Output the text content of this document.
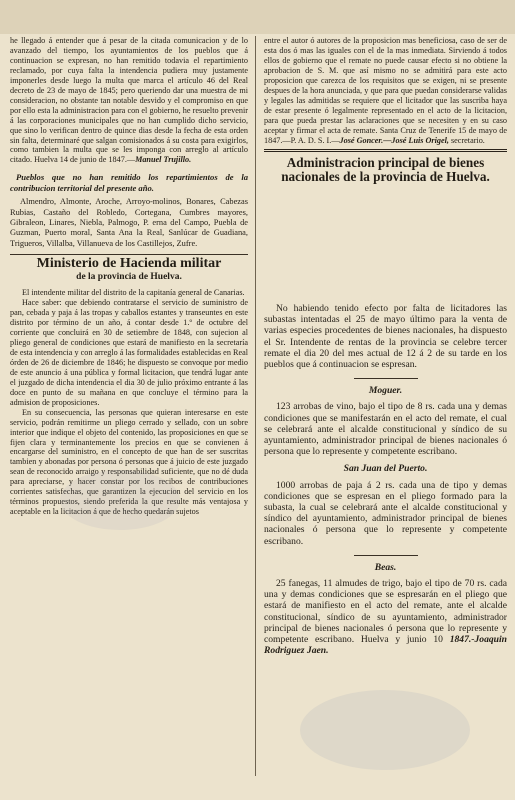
he llegado á entender que á pesar de la citada comunicacion y de lo avanzado del tiempo, los ayuntamientos de los pueblos que á continuacion se expresan, no han remitido todavia el repartimiento reclamado, por cuya falta la intendencia pudiera muy justamente imponerles desde luego la multa que marca el artículo 46 del Real decreto de 23 de mayo de 1845; pero queriendo dar una muestra de mi consideracion, no obstante tan notable desvido y el compromiso en que por ello esta la administracion para con el gobierno, he resuelto prevenir á las corporaciones municipales que no han cumplido dicho servicio, que sino lo verifican dentro de quince dias desde la fecha de esta orden sin falta, determinaré que salgan comisionados á su costa para exigirlos, como tambien la multa que se les imponga con arreglo al artículo citado. Huelva 14 de junio de 1847.—Manuel Trujillo.

Pueblos que no han remitido los repartimientos de la contribucion territorial del presente año.

Almendro, Almonte, Aroche, Arroyo-molinos, Bonares, Cabezas Rubias, Castaño del Robledo, Cortegana, Cumbres mayores, Gibraleon, Linares, Niebla, Palmogo, P. erna del Campo, Puebla de Guzman, Puerto moral, Santa Ana la Real, Sanlúcar de Guadiana, Trigueros, Villalba, Villanueva de los Castillejos, Zufre.

Ministerio de Hacienda militar
de la provincia de Huelva.

El intendente militar del distrito de la capitanía general de Canarias.

Hace saber: que debiendo contratarse el servicio de suministro de pan, cebada y paja á las tropas y caballos estantes y transeuntes en este distrito por término de un año, á contar desde 1.º de octubre del corriente que concluirá en 30 de setiembre de 1848, con sujecion al pliego general de condiciones que estará de manifiesto en la secretaría de esta intendencia y con arreglo á las formalidades establecidas en Real órden de 26 de diciembre de 1846; he dispuesto se convoque por medio de este anuncio á una pública y formal licitacion, que tendrá lugar ante el juzgado de dicha intendencia el dia 30 de julio próximo entrante á las doce en punto de su mañana en que concluye el término para la admision de proposiciones.

En su consecuencia, las personas que quieran interesarse en este servicio, podrán remitirme un pliego cerrado y sellado, con un sobre interior que indique el objeto del contenido, las proposiciones en que se fijen clara y terminantemente los precios en que se convienen á encargarse del suministro, en el concepto de que han de ser suscritas tambien y abonadas por persona ó personas que á juicio de este juzgado sean de reconocido arraigo y responsabilidad suficiente, que no dé duda para apreciarse, y hacer constar por los recibos de contribuciones corrientes satisfechas, que garantizen la ejecucion del servicio en los términos propuestos, siendo preferida la que resulte más ventajosa y aceptable en la licitacion á que de hecho quedarán sujetos

entre el autor ó autores de la proposicion mas beneficiosa, caso de ser de esta dos ó mas las iguales con el de la mas inmediata. Sirviendo á todos ellos de gobierno que el remate no puede causar efecto si no obtiene la aprobacion de S. M. que así mismo no se admitirá para este acto proposicion que carezca de los requisitos que se exigen, ni se presente despues de la hora anunciada, y que para que puedan considerarse validas y legales las admitidas se requiere que el licitador que las suscriba haya de estar presente ó legalmente representado en el acto de la licitacion, para que pueda prestar las aclaraciones que se necesiten y en su caso aceptar y firmar el acta de remate. Santa Cruz de Tenerife 15 de mayo de 1847.—P. A. D. S. I.—José Goncer.—José Luis Origel, secretario.

Administracion principal de bienes nacionales de la provincia de Huelva.

No habiendo tenido efecto por falta de licitadores las subastas intentadas el 25 de mayo último para la venta de varias especies procedentes de bienes nacionales, ha dispuesto el Sr. Intendente de rentas de la provincia se celebre tercer remate el dia 20 del mes actual de 12 á 2 de su tarde en los pueblos que á continuacion se espresan.

Moguer.

123 arrobas de vino, bajo el tipo de 8 rs. cada una y demas condiciones que se manifestarán en el acto del remate, el cual se celebrará ante el alcalde constitucional y síndico de su ayuntamiento, administrador principal de bienes nacionales ó persona que lo represente y competente escribano.

San Juan del Puerto.

1000 arrobas de paja á 2 rs. cada una de tipo y demas condiciones que se espresan en el pliego formado para la subasta, la cual se celebrará ante el alcalde constitucional y síndico del ayuntamiento, administrador principal de bienes nacionales ó persona que lo represente y competente escribano.

Beas.

25 fanegas, 11 almudes de trigo, bajo el tipo de 70 rs. cada una y demas condiciones que se espresarán en el pliego que estará de manifiesto en el acto del remate, ante el alcalde constitucional, síndico de su ayuntamiento, administrador principal de bienes nacionales ó persona que lo represente y competente escribano. Huelva y junio 10 1847.-Joaquin Rodriguez Jaen.
